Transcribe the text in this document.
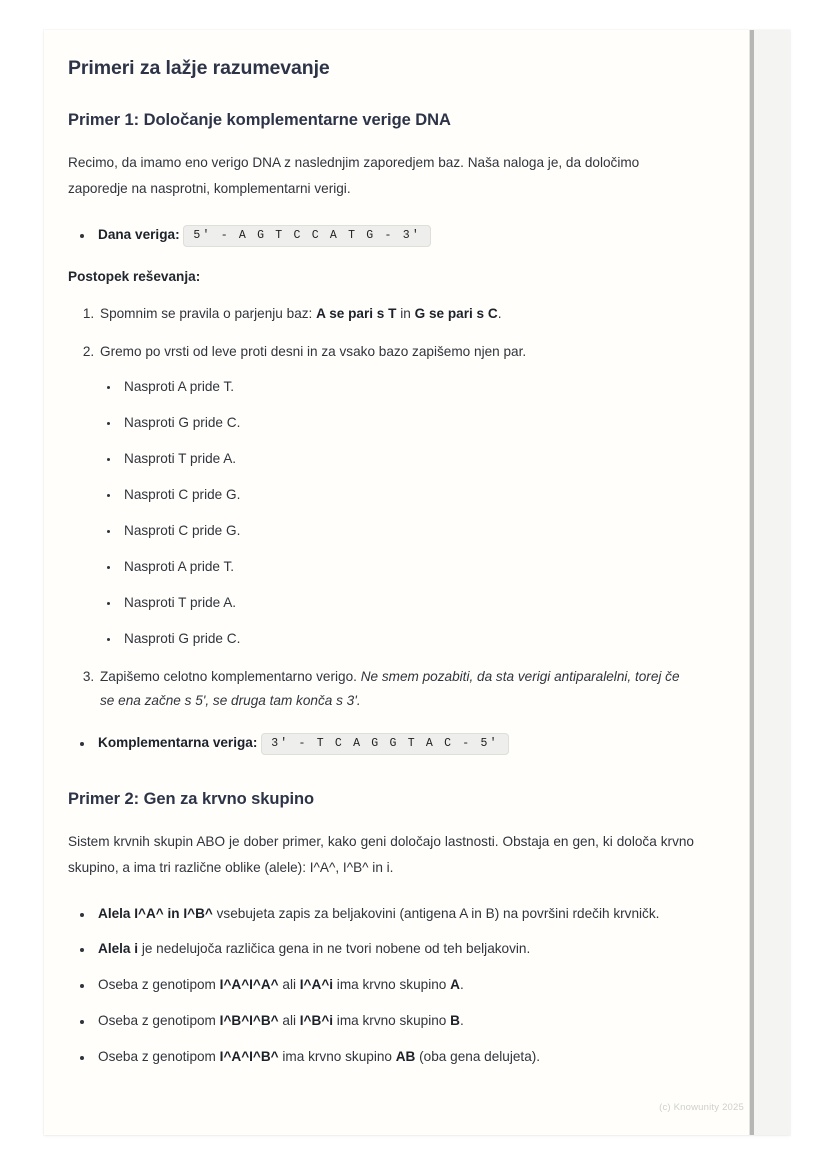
Primeri za lažje razumevanje
Primer 1: Določanje komplementarne verige DNA

Recimo, da imamo eno verigo DNA z naslednjim zaporedjem baz. Naša naloga je, da določimo zaporedje na nasprotni, komplementarni verigi.

• Dana veriga: 5' - A G T C C A T G - 3'

Postopek reševanja:

1. Spomnim se pravila o parjenju baz: A se pari s T in G se pari s C.
2. Gremo po vrsti od leve proti desni in za vsako bazo zapišemo njen par.
• Nasproti A pride T.
• Nasproti G pride C.
• Nasproti T pride A.
• Nasproti C pride G.
• Nasproti C pride G.
• Nasproti A pride T.
• Nasproti T pride A.
• Nasproti G pride C.
3. Zapišemo celotno komplementarno verigo. Ne smem pozabiti, da sta verigi antiparalelni, torej če se ena začne s 5', se druga tam konča s 3'.
• Komplementarna veriga: 3' - T C A G G T A C - 5'
Primer 2: Gen za krvno skupino

Sistem krvnih skupin ABO je dober primer, kako geni določajo lastnosti. Obstaja en gen, ki določa krvno skupino, a ima tri različne oblike (alele): I^A^, I^B^ in i.

• Alela I^A^ in I^B^ vsebujeta zapis za beljakovini (antigena A in B) na površini rdečih krvničk.
• Alela i je nedelujoča različica gena in ne tvori nobene od teh beljakovin.
• Oseba z genotipom I^A^I^A^ ali I^A^i ima krvno skupino A.
• Oseba z genotipom I^B^I^B^ ali I^B^i ima krvno skupino B.
• Oseba z genotipom I^A^I^B^ ima krvno skupino AB (oba gena delujeta).
(c) Knowunity 2025
